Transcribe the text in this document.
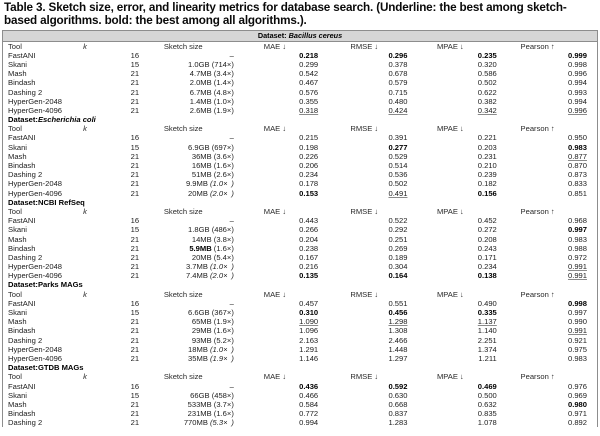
Table 3. Sketch size, error, and linearity metrics for database search. (Underline: the best among sketch-based algorithms. bold: the best among all algorithms.).
Dataset: Bacillus cereus
Tool	k	Sketch size	MAE ↓	RMSE ↓	MPAE ↓	Pearson ↑
FastANI	16	–	0.218	0.296	0.235	0.999
Skani	15	1.0GB (714×)	0.299	0.378	0.320	0.998
Mash	21	4.7MB (3.4×)	0.542	0.678	0.586	0.996
Bindash	21	2.0MB (1.4×)	0.467	0.579	0.502	0.994
Dashing 2	21	6.7MB (4.8×)	0.576	0.715	0.622	0.993
HyperGen-2048	21	1.4MB (1.0×)	0.355	0.480	0.382	0.994
HyperGen-4096	21	2.6MB (1.9×)	0.318	0.424	0.342	0.996
Dataset: Escherichia coli
Tool	k	Sketch size	MAE ↓	RMSE ↓	MPAE ↓	Pearson ↑
FastANI	16	–	0.215	0.391	0.221	0.950
Skani	15	6.9GB (697×)	0.198	0.277	0.203	0.983
Mash	21	36MB (3.6×)	0.226	0.529	0.231	0.877
Bindash	21	16MB (1.6×)	0.206	0.514	0.210	0.870
Dashing 2	21	51MB (2.6×)	0.234	0.536	0.239	0.873
HyperGen-2048	21	9.9MB (1.0× )	0.178	0.502	0.182	0.833
HyperGen-4096	21	20MB (2.0× )	0.153	0.491	0.156	0.851
Dataset: NCBI RefSeq
Tool	k	Sketch size	MAE ↓	RMSE ↓	MPAE ↓	Pearson ↑
FastANI	16	–	0.443	0.522	0.452	0.968
Skani	15	1.8GB (486×)	0.266	0.292	0.272	0.997
Mash	21	14MB (3.8×)	0.204	0.251	0.208	0.983
Bindash	21	5.9MB (1.6×)	0.238	0.269	0.243	0.988
Dashing 2	21	20MB (5.4×)	0.167	0.189	0.171	0.972
HyperGen-2048	21	3.7MB (1.0× )	0.216	0.304	0.234	0.991
HyperGen-4096	21	7.4MB (2.0× )	0.135	0.164	0.138	0.991
Dataset: Parks MAGs
Tool	k	Sketch size	MAE ↓	RMSE ↓	MPAE ↓	Pearson ↑
FastANI	16	–	0.457	0.551	0.490	0.998
Skani	15	6.6GB (367×)	0.310	0.456	0.335	0.997
Mash	21	65MB (1.9×)	1.090	1.298	1.137	0.990
Bindash	21	29MB (1.6×)	1.096	1.308	1.140	0.991
Dashing 2	21	93MB (5.2×)	2.163	2.466	2.251	0.921
HyperGen-2048	21	18MB (1.0× )	1.291	1.448	1.374	0.975
HyperGen-4096	21	35MB (1.9× )	1.146	1.297	1.211	0.983
Dataset: GTDB MAGs
Tool	k	Sketch size	MAE ↓	RMSE ↓	MPAE ↓	Pearson ↑
FastANI	16	–	0.436	0.592	0.469	0.976
Skani	15	66GB (458×)	0.466	0.630	0.500	0.969
Mash	21	533MB (3.7×)	0.584	0.668	0.632	0.980
Bindash	21	231MB (1.6×)	0.772	0.837	0.835	0.971
Dashing 2	21	770MB (5.3× )	0.994	1.283	1.078	0.892
